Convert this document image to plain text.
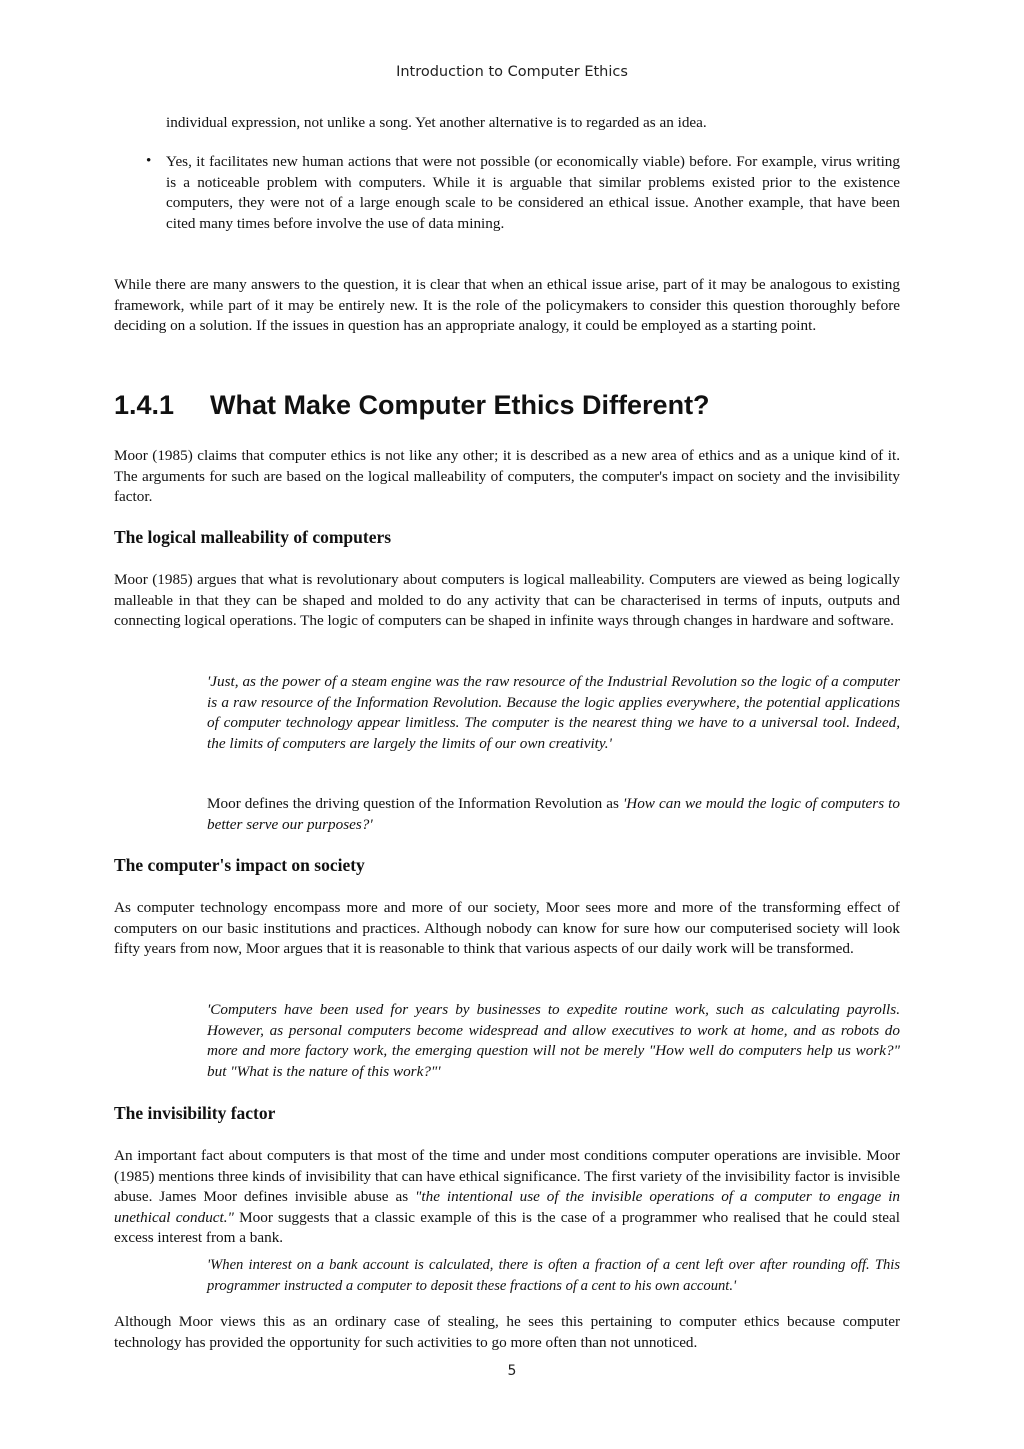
Introduction to Computer Ethics

individual expression, not unlike a song. Yet another alternative is to regarded as an idea.

• Yes, it facilitates new human actions that were not possible (or economically viable) before. For example, virus writing is a noticeable problem with computers. While it is arguable that similar problems existed prior to the existence computers, they were not of a large enough scale to be considered an ethical issue. Another example, that have been cited many times before involve the use of data mining.

While there are many answers to the question, it is clear that when an ethical issue arise, part of it may be analogous to existing framework, while part of it may be entirely new. It is the role of the policymakers to consider this question thoroughly before deciding on a solution. If the issues in question has an appropriate analogy, it could be employed as a starting point.

1.4.1 What Make Computer Ethics Different?

Moor (1985) claims that computer ethics is not like any other; it is described as a new area of ethics and as a unique kind of it. The arguments for such are based on the logical malleability of computers, the computer's impact on society and the invisibility factor.

The logical malleability of computers

Moor (1985) argues that what is revolutionary about computers is logical malleability. Computers are viewed as being logically malleable in that they can be shaped and molded to do any activity that can be characterised in terms of inputs, outputs and connecting logical operations. The logic of computers can be shaped in infinite ways through changes in hardware and software.

'Just, as the power of a steam engine was the raw resource of the Industrial Revolution so the logic of a computer is a raw resource of the Information Revolution. Because the logic applies everywhere, the potential applications of computer technology appear limitless. The computer is the nearest thing we have to a universal tool. Indeed, the limits of computers are largely the limits of our own creativity.'

Moor defines the driving question of the Information Revolution as 'How can we mould the logic of computers to better serve our purposes?'

The computer's impact on society

As computer technology encompass more and more of our society, Moor sees more and more of the transforming effect of computers on our basic institutions and practices. Although nobody can know for sure how our computerised society will look fifty years from now, Moor argues that it is reasonable to think that various aspects of our daily work will be transformed.

'Computers have been used for years by businesses to expedite routine work, such as calculating payrolls. However, as personal computers become widespread and allow executives to work at home, and as robots do more and more factory work, the emerging question will not be merely "How well do computers help us work?" but "What is the nature of this work?"'

The invisibility factor

An important fact about computers is that most of the time and under most conditions computer operations are invisible. Moor (1985) mentions three kinds of invisibility that can have ethical significance. The first variety of the invisibility factor is invisible abuse. James Moor defines invisible abuse as "the intentional use of the invisible operations of a computer to engage in unethical conduct." Moor suggests that a classic example of this is the case of a programmer who realised that he could steal excess interest from a bank.

'When interest on a bank account is calculated, there is often a fraction of a cent left over after rounding off. This programmer instructed a computer to deposit these fractions of a cent to his own account.'

Although Moor views this as an ordinary case of stealing, he sees this pertaining to computer ethics because computer technology has provided the opportunity for such activities to go more often than not unnoticed.

5
